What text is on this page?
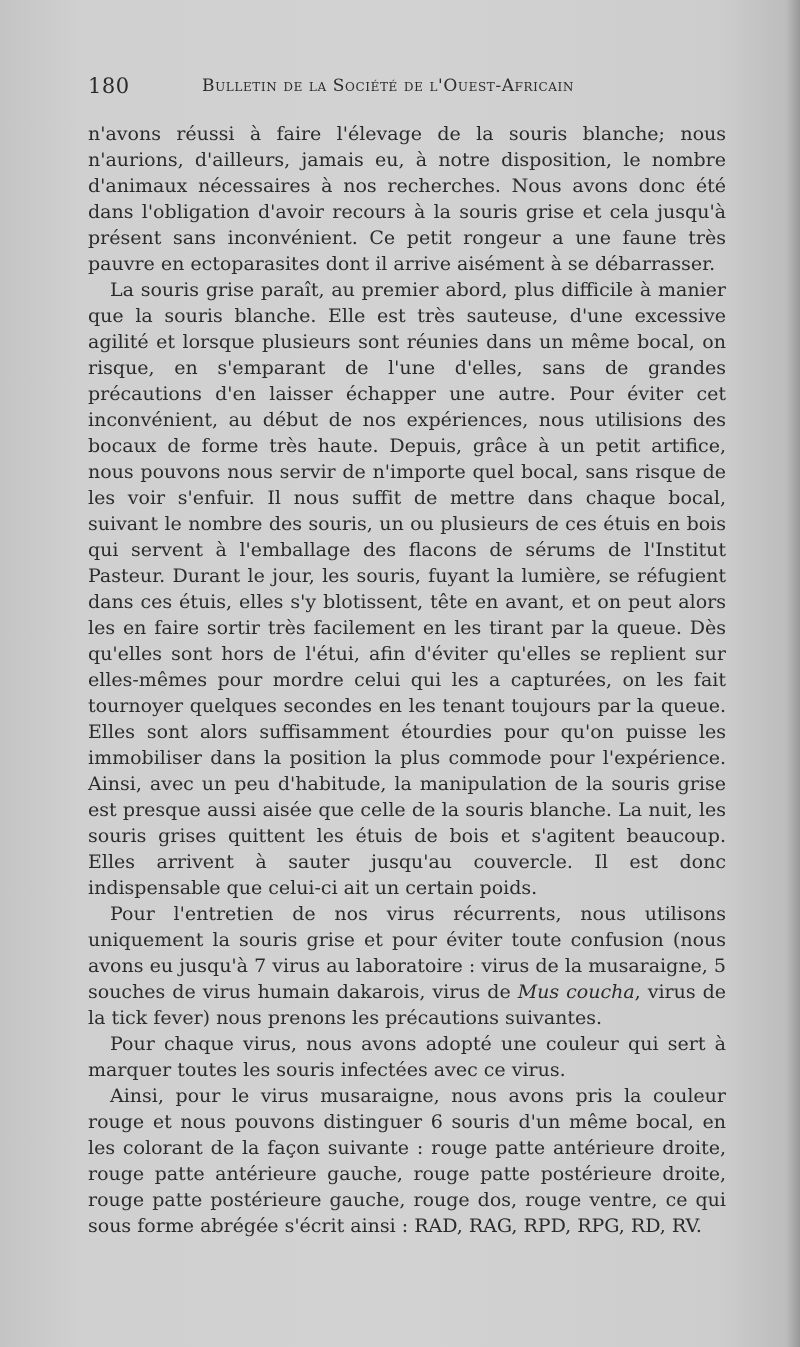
180	Bulletin de la Société de l'Ouest-Africain

n'avons réussi à faire l'élevage de la souris blanche; nous n'aurions, d'ailleurs, jamais eu, à notre disposition, le nombre d'animaux nécessaires à nos recherches. Nous avons donc été dans l'obligation d'avoir recours à la souris grise et cela jusqu'à présent sans inconvénient. Ce petit rongeur a une faune très pauvre en ectoparasites dont il arrive aisément à se débarrasser.

La souris grise paraît, au premier abord, plus difficile à manier que la souris blanche. Elle est très sauteuse, d'une excessive agilité et lorsque plusieurs sont réunies dans un même bocal, on risque, en s'emparant de l'une d'elles, sans de grandes précautions d'en laisser échapper une autre. Pour éviter cet inconvénient, au début de nos expériences, nous utilisions des bocaux de forme très haute. Depuis, grâce à un petit artifice, nous pouvons nous servir de n'importe quel bocal, sans risque de les voir s'enfuir. Il nous suffit de mettre dans chaque bocal, suivant le nombre des souris, un ou plusieurs de ces étuis en bois qui servent à l'emballage des flacons de sérums de l'Institut Pasteur. Durant le jour, les souris, fuyant la lumière, se réfugient dans ces étuis, elles s'y blotissent, tête en avant, et on peut alors les en faire sortir très facilement en les tirant par la queue. Dès qu'elles sont hors de l'étui, afin d'éviter qu'elles se replient sur elles-mêmes pour mordre celui qui les a capturées, on les fait tournoyer quelques secondes en les tenant toujours par la queue. Elles sont alors suffisamment étourdies pour qu'on puisse les immobiliser dans la position la plus commode pour l'expérience. Ainsi, avec un peu d'habitude, la manipulation de la souris grise est presque aussi aisée que celle de la souris blanche. La nuit, les souris grises quittent les étuis de bois et s'agitent beaucoup. Elles arrivent à sauter jusqu'au couvercle. Il est donc indispensable que celui-ci ait un certain poids.

Pour l'entretien de nos virus récurrents, nous utilisons uniquement la souris grise et pour éviter toute confusion (nous avons eu jusqu'à 7 virus au laboratoire : virus de la musaraigne, 5 souches de virus humain dakarois, virus de Mus coucha, virus de la tick fever) nous prenons les précautions suivantes.

Pour chaque virus, nous avons adopté une couleur qui sert à marquer toutes les souris infectées avec ce virus.

Ainsi, pour le virus musaraigne, nous avons pris la couleur rouge et nous pouvons distinguer 6 souris d'un même bocal, en les colorant de la façon suivante : rouge patte antérieure droite, rouge patte antérieure gauche, rouge patte postérieure droite, rouge patte postérieure gauche, rouge dos, rouge ventre, ce qui sous forme abrégée s'écrit ainsi : RAD, RAG, RPD, RPG, RD, RV.
